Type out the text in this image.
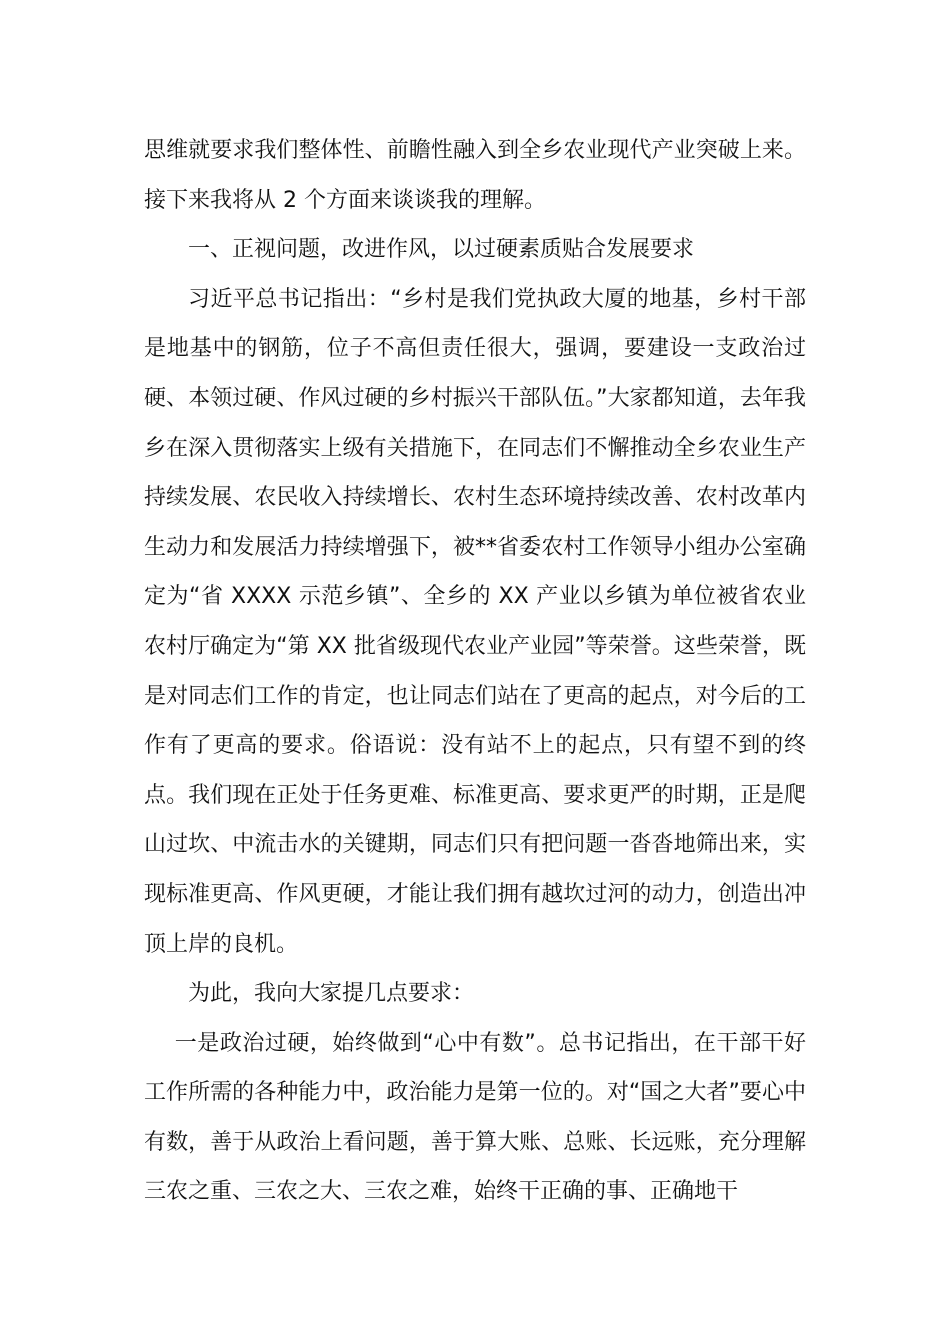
思维就要求我们整体性、前瞻性融入到全乡农业现代产业突破上来。接下来我将从 2 个方面来谈谈我的理解。

一、正视问题，改进作风，以过硬素质贴合发展要求

习近平总书记指出：“乡村是我们党执政大厦的地基，乡村干部是地基中的钢筋，位子不高但责任很大，强调，要建设一支政治过硬、本领过硬、作风过硬的乡村振兴干部队伍。”大家都知道，去年我乡在深入贯彻落实上级有关措施下，在同志们不懈推动全乡农业生产持续发展、农民收入持续增长、农村生态环境持续改善、农村改革内生动力和发展活力持续增强下，被**省委农村工作领导小组办公室确定为“省 XXXX 示范乡镇”、全乡的 XX 产业以乡镇为单位被省农业农村厅确定为“第 XX 批省级现代农业产业园”等荣誉。这些荣誉，既是对同志们工作的肯定，也让同志们站在了更高的起点，对今后的工作有了更高的要求。俗语说：没有站不上的起点，只有望不到的终点。我们现在正处于任务更难、标准更高、要求更严的时期，正是爬山过坎、中流击水的关键期，同志们只有把问题一沓沓地筛出来，实现标准更高、作风更硬，才能让我们拥有越坎过河的动力，创造出冲顶上岸的良机。

为此，我向大家提几点要求：

一是政治过硬，始终做到“心中有数”。总书记指出，在干部干好工作所需的各种能力中，政治能力是第一位的。对“国之大者”要心中有数，善于从政治上看问题，善于算大账、总账、长远账，充分理解三农之重、三农之大、三农之难，始终干正确的事、正确地干
